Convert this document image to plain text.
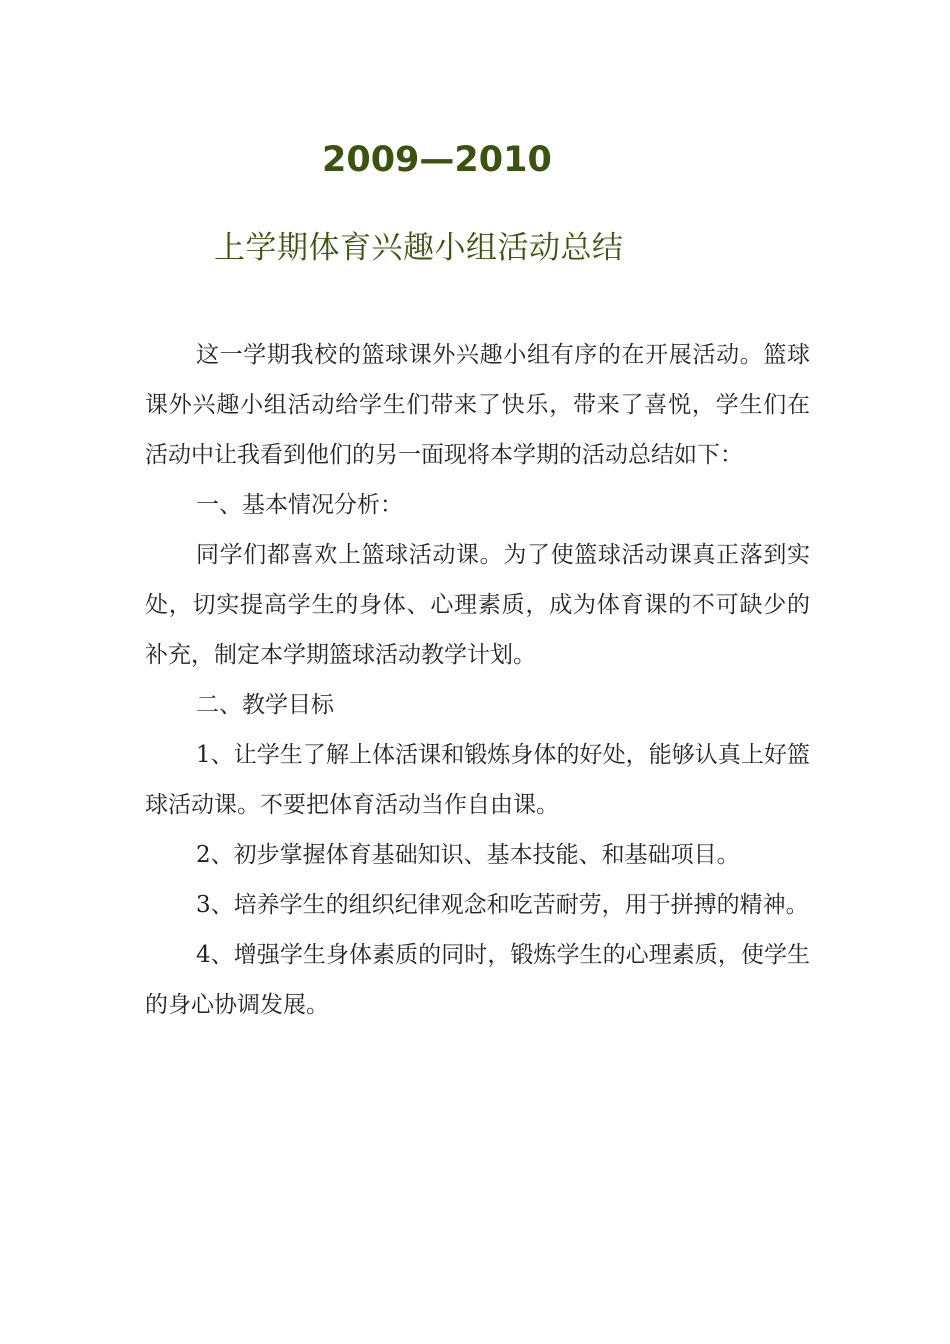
2009—2010
上学期体育兴趣小组活动总结

这一学期我校的篮球课外兴趣小组有序的在开展活动。篮球课外兴趣小组活动给学生们带来了快乐，带来了喜悦，学生们在活动中让我看到他们的另一面现将本学期的活动总结如下：

一、基本情况分析：

同学们都喜欢上篮球活动课。为了使篮球活动课真正落到实处，切实提高学生的身体、心理素质，成为体育课的不可缺少的补充，制定本学期篮球活动教学计划。

二、教学目标

1、让学生了解上体活课和锻炼身体的好处，能够认真上好篮球活动课。不要把体育活动当作自由课。

2、初步掌握体育基础知识、基本技能、和基础项目。

3、培养学生的组织纪律观念和吃苦耐劳，用于拼搏的精神。

4、增强学生身体素质的同时，锻炼学生的心理素质，使学生的身心协调发展。
